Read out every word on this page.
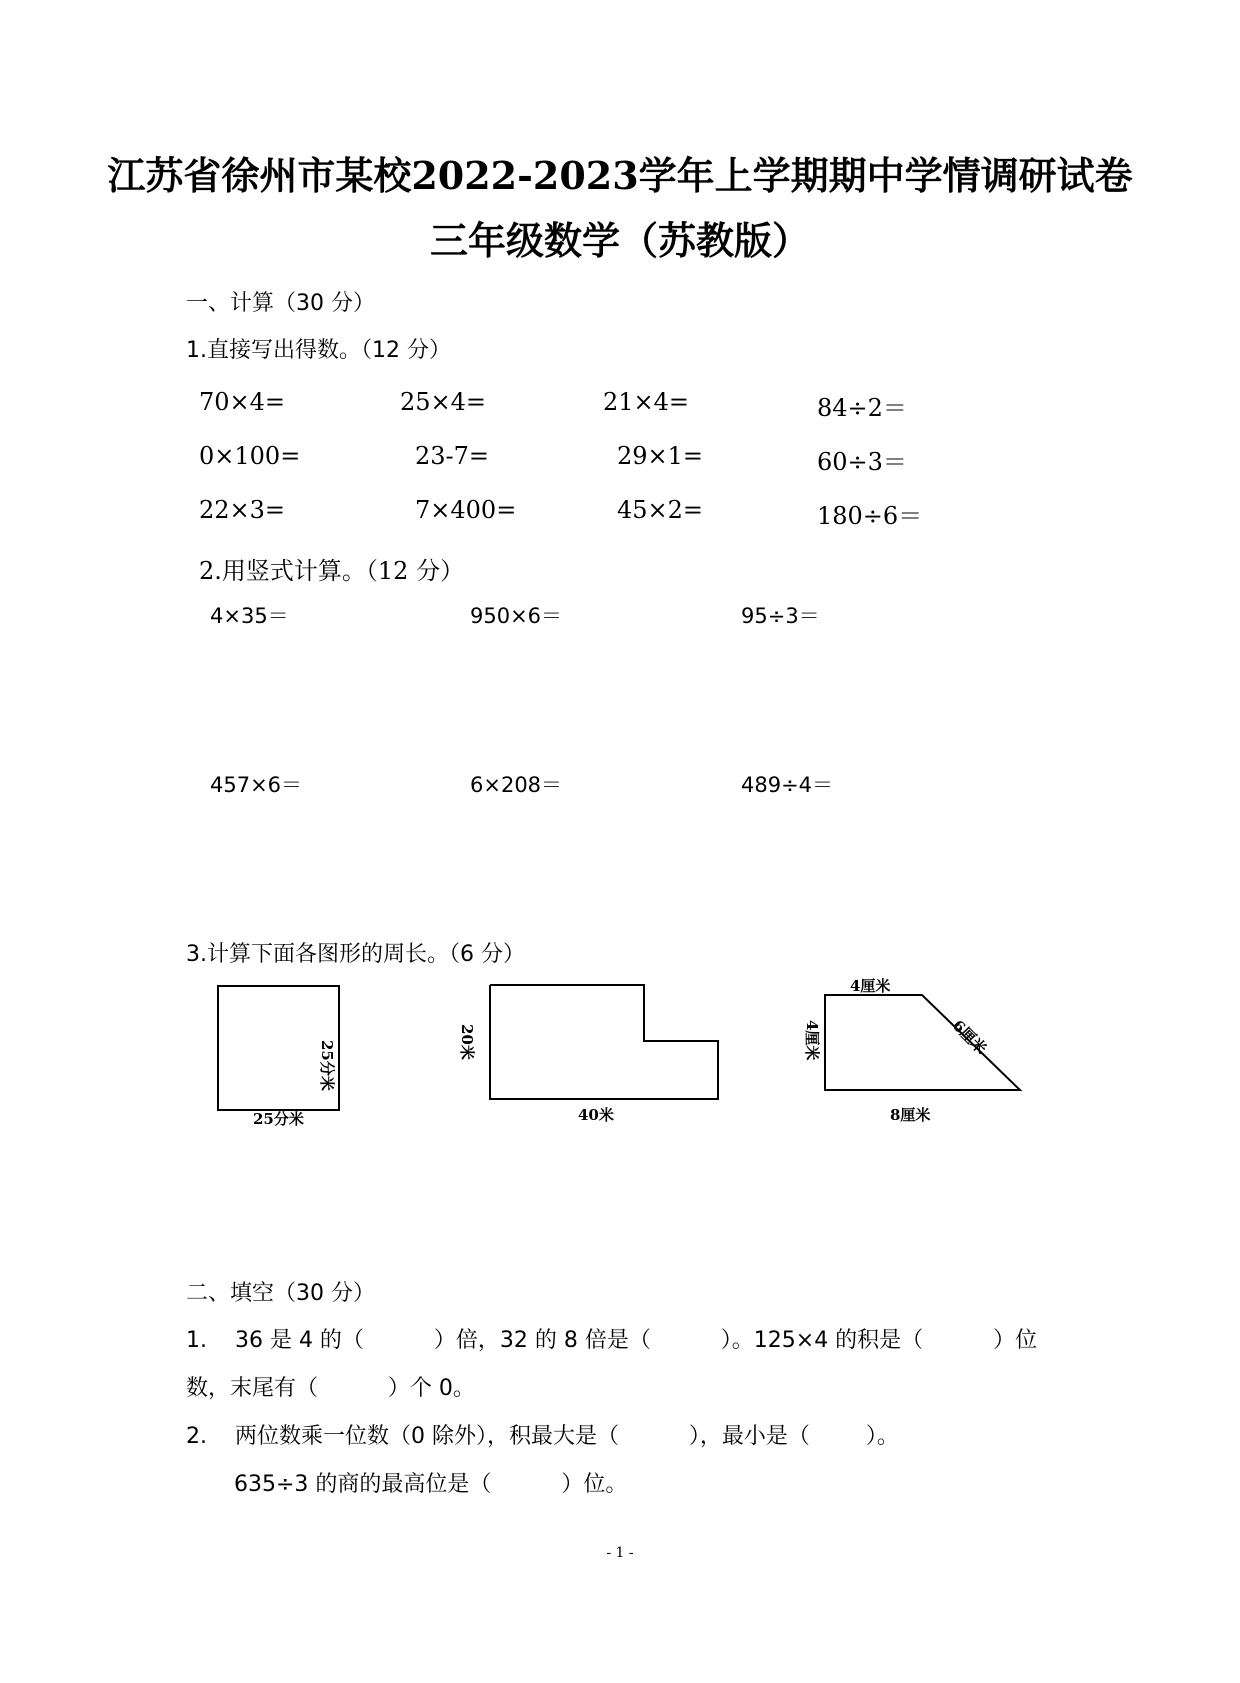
江苏省徐州市某校2022-2023学年上学期期中学情调研试卷
三年级数学（苏教版）
一、计算（30 分）
1.直接写出得数。（12 分）
70×4=	25×4=	21×4=	84÷2＝
0×100=	23-7=	29×1=	60÷3＝
22×3=	7×400=	45×2=	180÷6＝
2.用竖式计算。（12 分）
4×35＝	950×6＝	95÷3＝
457×6＝	6×208＝	489÷4＝
3.计算下面各图形的周长。（6 分）
25分米
25分米
20米
40米
4厘米
4厘米	6厘米
8厘米
二、填空（30 分）
1.    36 是 4 的（          ）倍，32 的 8 倍是（          ）。125×4 的积是（          ）位
数，末尾有（          ）个 0。
2.    两位数乘一位数（0 除外），积最大是（          ），最小是（        ）。
635÷3 的商的最高位是（          ）位。
- 1 -
